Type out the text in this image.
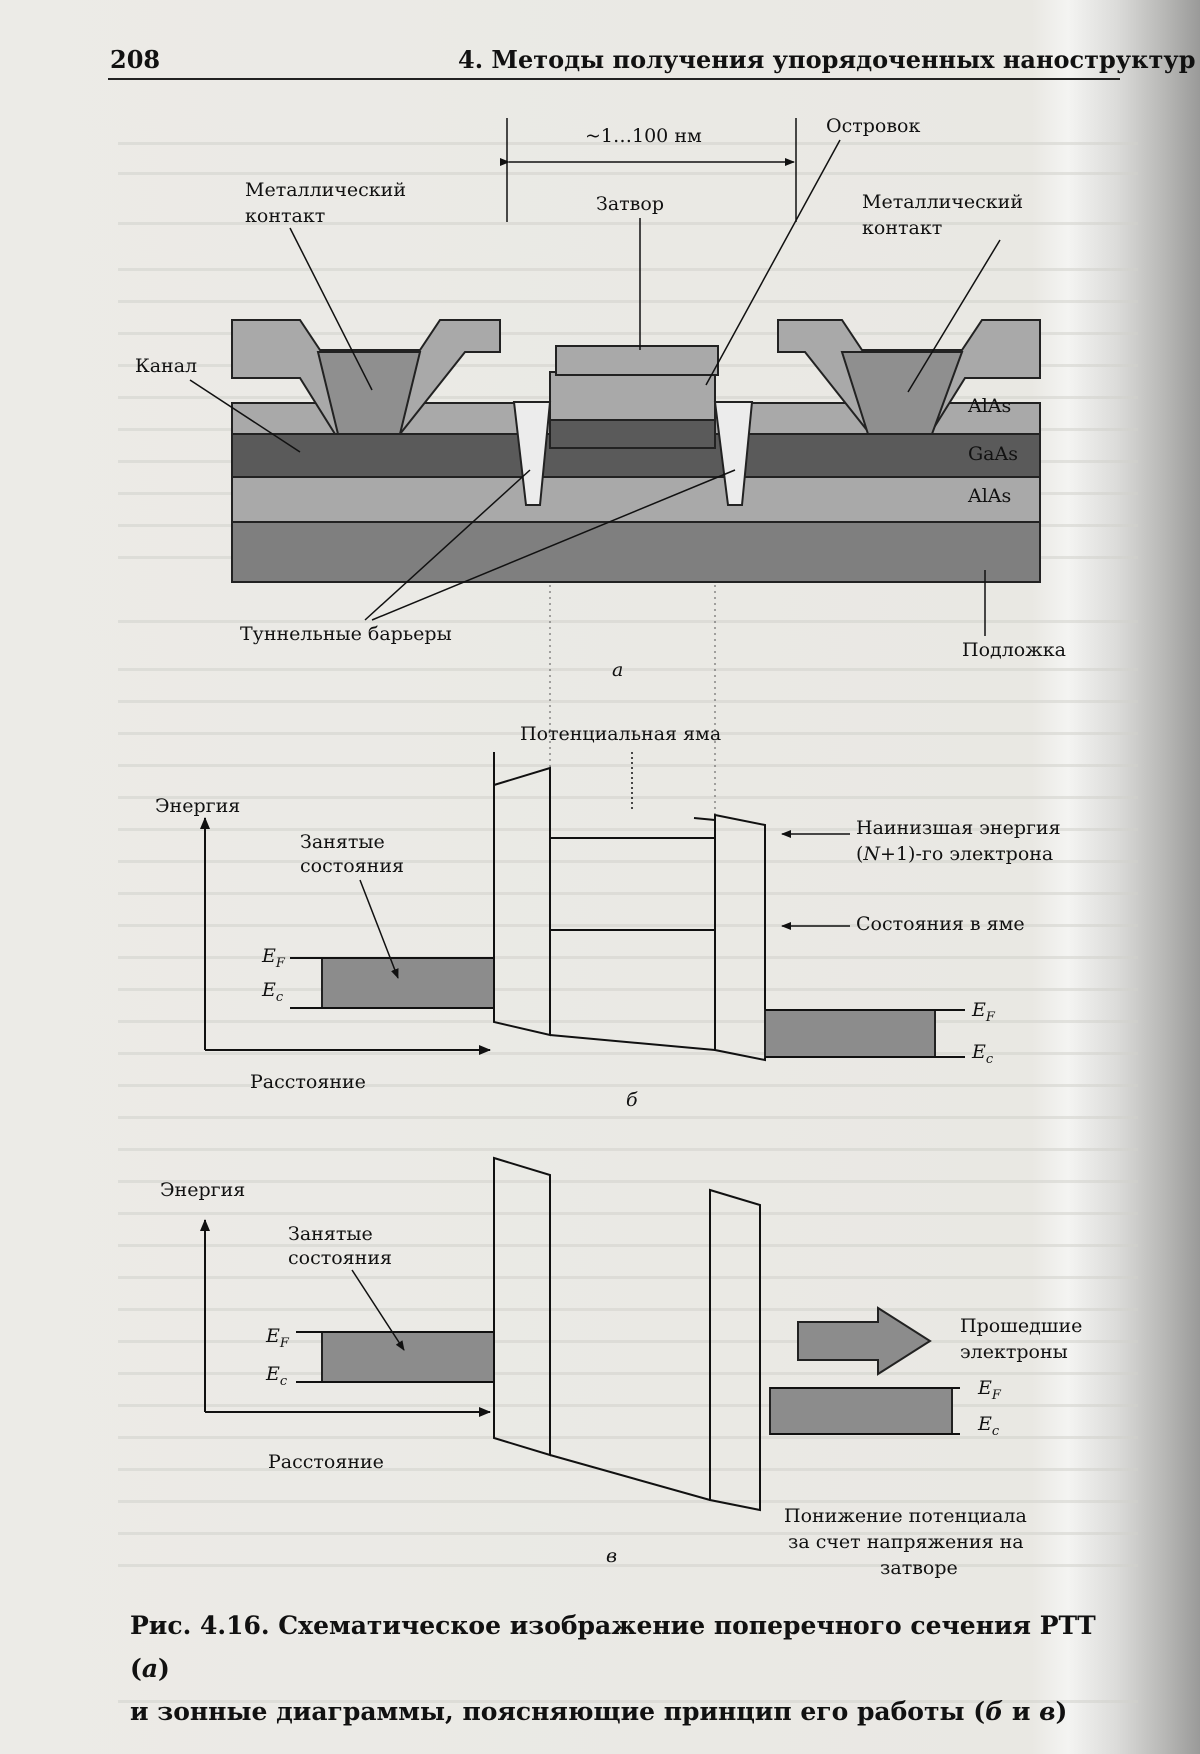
208	4. Методы получения упорядоченных наноструктур
~1…100 нм	Островок
Затвор
Металлический
контакт
Металлический
контакт
Канал
AlAs
GaAs
AlAs
Туннельные барьеры
Подложка
а
Потенциальная яма
Энергия
Расстояние
$E_F$
$E_c$
Занятые
состояния
$E_F$
$E_c$
Наинизшая энергия
(N+1)-го электрона
Состояния в яме
б
Энергия
Расстояние
$E_F$
$E_c$
Занятые
состояния
Прошедшие
электроны
$E_F$
$E_c$
Понижение потенциала
за счет напряжения на
затворе
в
Рис. 4.16. Схематическое изображение поперечного сечения РТТ (а)
и зонные диаграммы, поясняющие принцип его работы (б и в)
